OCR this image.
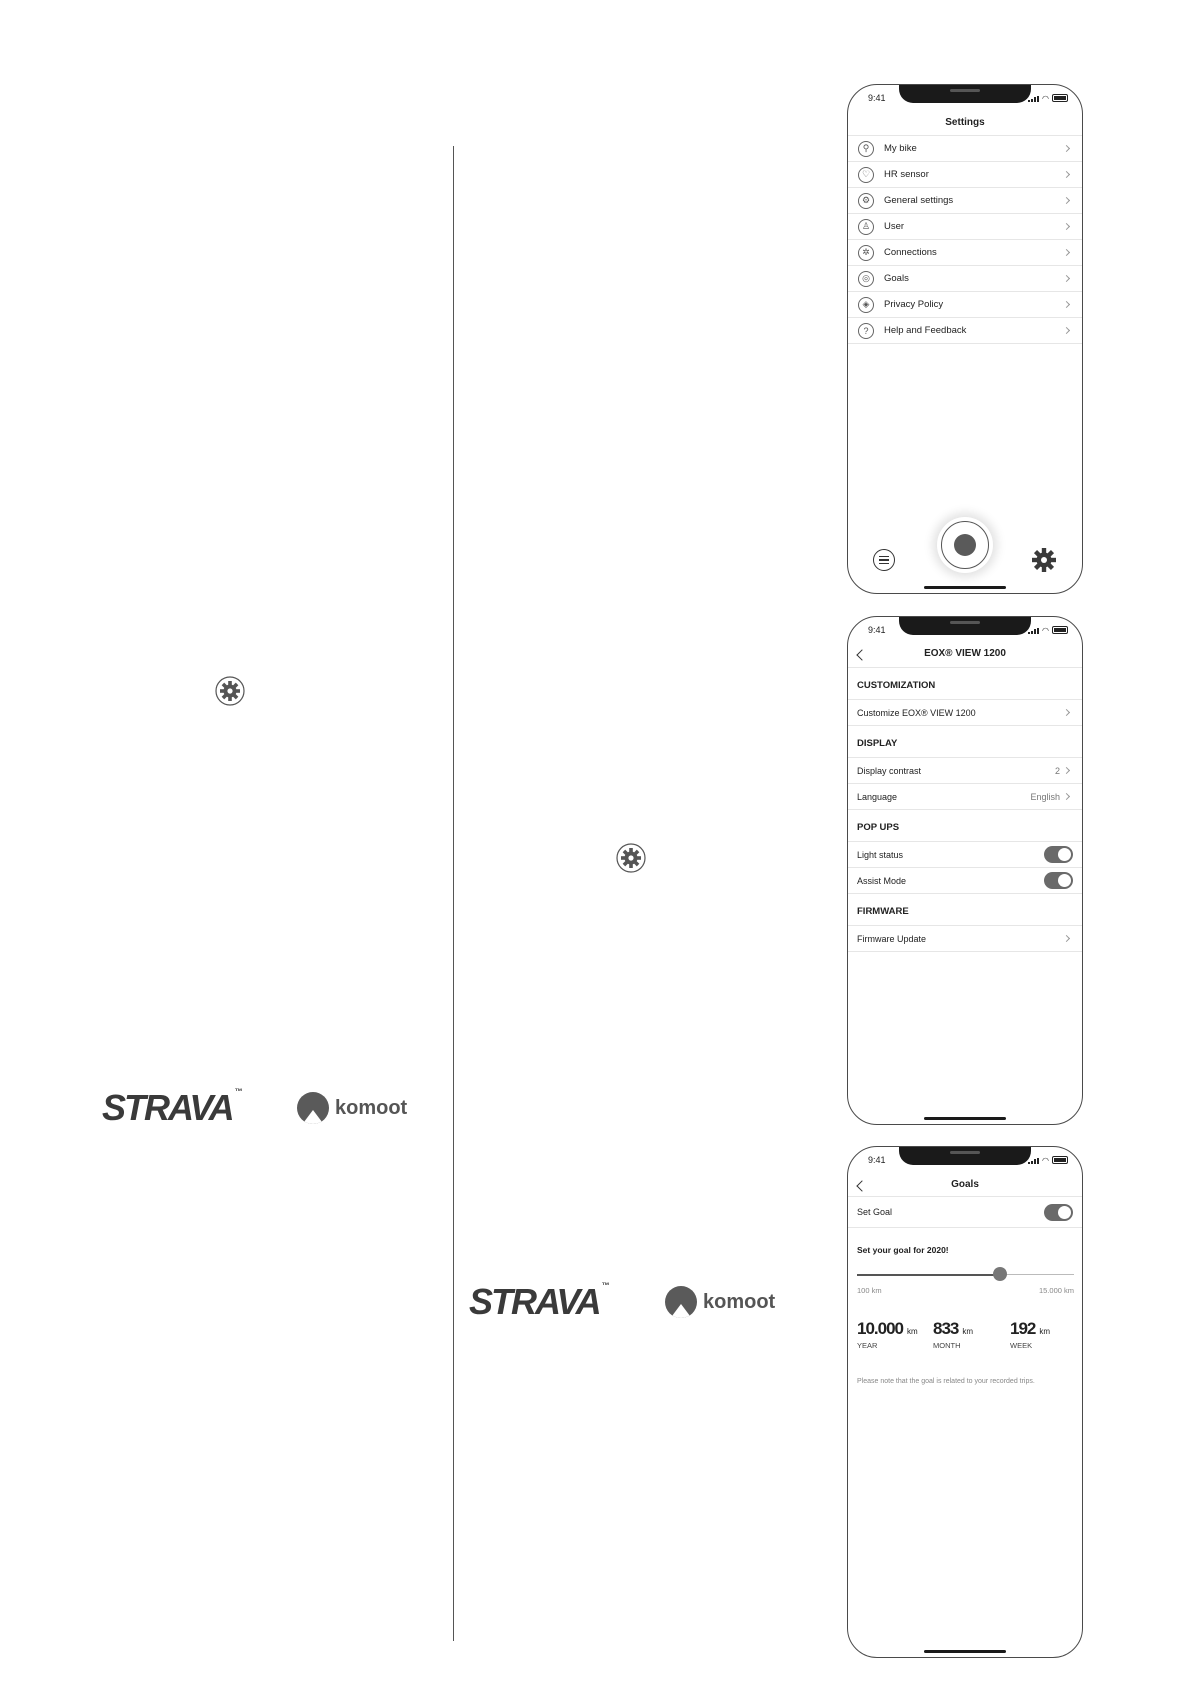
STRAVA ™
komoot
STRAVA ™
komoot
9:41	◠
Settings
⚲	My bike
♡	HR sensor
⚙	General settings
♙	User
✲	Connections
◎	Goals
◈	Privacy Policy
?	Help and Feedback
9:41	◠
EOX® VIEW 1200
CUSTOMIZATION
Customize EOX® VIEW 1200
DISPLAY
Display contrast	2
Language	English
POP UPS
Light status
Assist Mode
FIRMWARE
Firmware Update
9:41	◠
Goals
Set Goal
Set your goal for 2020!
100 km	15.000 km
10.000 km
YEAR
833 km
MONTH
192 km
WEEK
Please note that the goal is related to your recorded trips.
